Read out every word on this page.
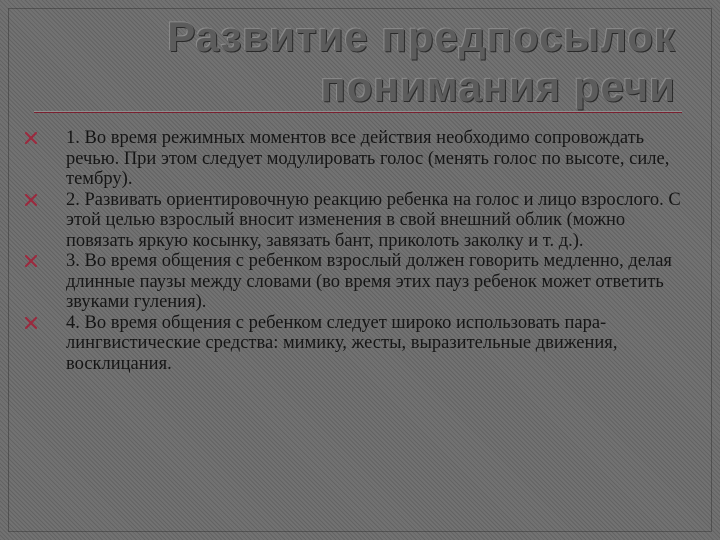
Развитие предпосылок
понимания речи
1. Во время режимных моментов все действия необходимо сопровождать речью. При этом следует модулировать голос (менять голос по высоте, силе, тембру).
2. Развивать ориентировочную реакцию ребенка на голос и лицо взрослого. С этой целью взрослый вносит изменения в свой внешний облик (можно повязать яркую косынку, завязать бант, приколоть заколку и т. д.).
3. Во время общения с ребенком взрослый должен говорить медленно, делая длинные паузы между словами (во время этих пауз ребенок может ответить звуками гуления).
4. Во время общения с ребенком следует широко использовать пара-лингвистические средства: мимику, жесты, выразительные движения, восклицания.
